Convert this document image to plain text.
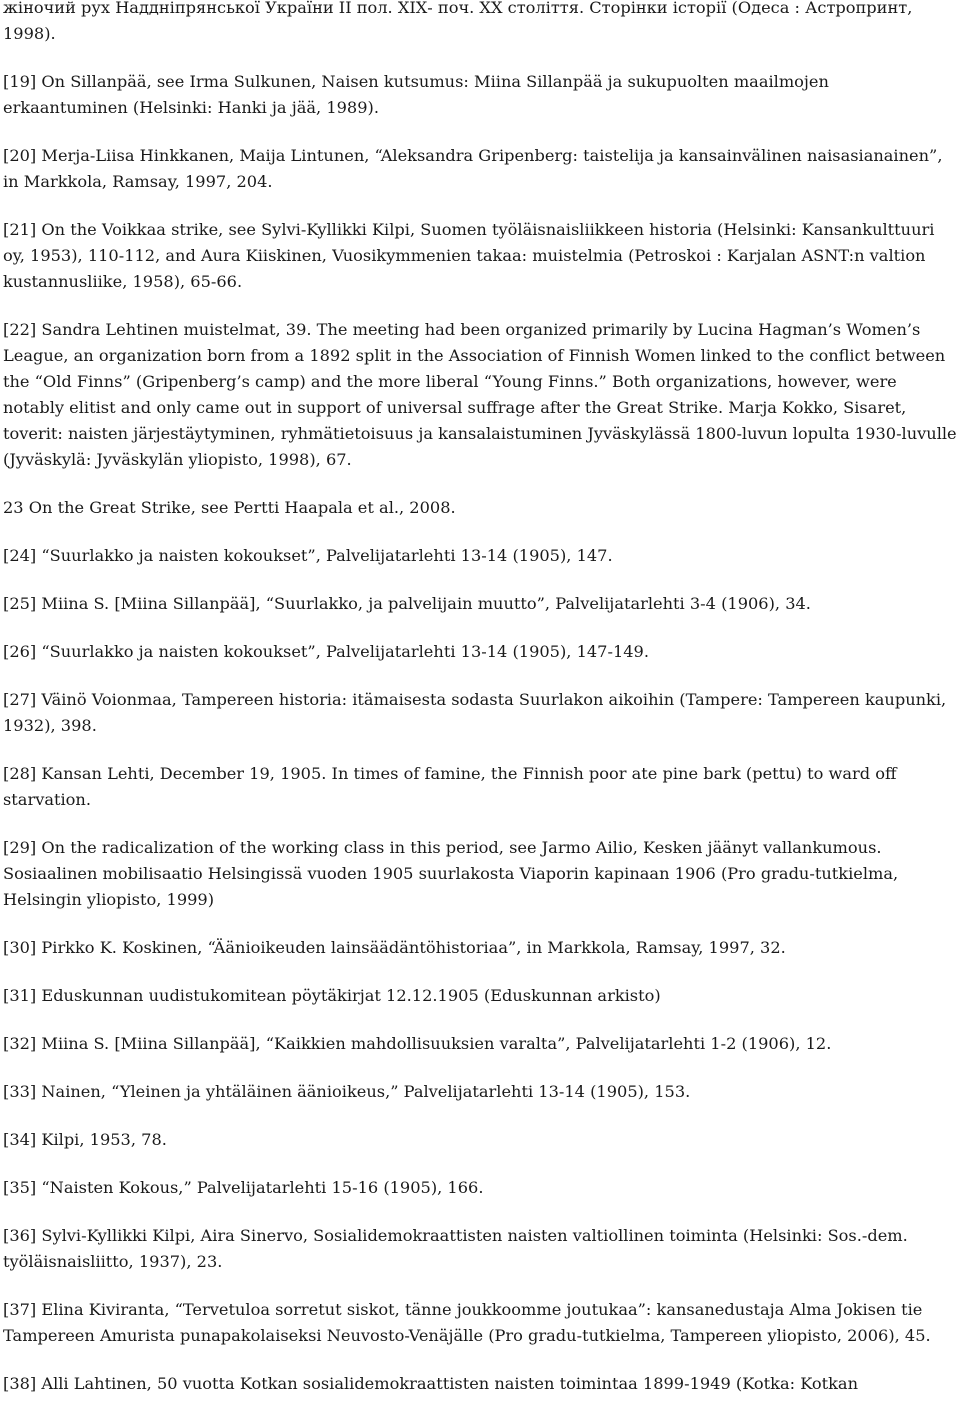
жіночий рух Наддніпрянської України ІІ пол. ХІХ- поч. ХХ століття. Сторінки історії (Одеса : Астропринт, 1998).

[19] On Sillanpää, see Irma Sulkunen, Naisen kutsumus: Miina Sillanpää ja sukupuolten maailmojen erkaantuminen (Helsinki: Hanki ja jää, 1989).

[20] Merja-Liisa Hinkkanen, Maija Lintunen, “Aleksandra Gripenberg: taistelija ja kansainvälinen naisasianainen”, in Markkola, Ramsay, 1997, 204.

[21] On the Voikkaa strike, see Sylvi-Kyllikki Kilpi, Suomen työläisnaisliikkeen historia (Helsinki: Kansankulttuuri oy, 1953), 110-112, and Aura Kiiskinen, Vuosikymmenien takaa: muistelmia (Petroskoi : Karjalan ASNT:n valtion kustannusliike, 1958), 65-66.

[22] Sandra Lehtinen muistelmat, 39. The meeting had been organized primarily by Lucina Hagman’s Women’s League, an organization born from a 1892 split in the Association of Finnish Women linked to the conflict between the “Old Finns” (Gripenberg’s camp) and the more liberal “Young Finns.” Both organizations, however, were notably elitist and only came out in support of universal suffrage after the Great Strike. Marja Kokko, Sisaret, toverit: naisten järjestäytyminen, ryhmätietoisuus ja kansalaistuminen Jyväskylässä 1800-luvun lopulta 1930-luvulle (Jyväskylä: Jyväskylän yliopisto, 1998), 67.

23 On the Great Strike, see Pertti Haapala et al., 2008.

[24] “Suurlakko ja naisten kokoukset”, Palvelijatarlehti 13-14 (1905), 147.

[25] Miina S. [Miina Sillanpää], “Suurlakko, ja palvelijain muutto”, Palvelijatarlehti 3-4 (1906), 34.

[26] “Suurlakko ja naisten kokoukset”, Palvelijatarlehti 13-14 (1905), 147-149.

[27] Väinö Voionmaa, Tampereen historia: itämaisesta sodasta Suurlakon aikoihin (Tampere: Tampereen kaupunki, 1932), 398.

[28] Kansan Lehti, December 19, 1905. In times of famine, the Finnish poor ate pine bark (pettu) to ward off starvation.

[29] On the radicalization of the working class in this period, see Jarmo Ailio, Kesken jäänyt vallankumous. Sosiaalinen mobilisaatio Helsingissä vuoden 1905 suurlakosta Viaporin kapinaan 1906 (Pro gradu-tutkielma, Helsingin yliopisto, 1999)

[30] Pirkko K. Koskinen, “Äänioikeuden lainsäädäntöhistoriaa”, in Markkola, Ramsay, 1997, 32.

[31] Eduskunnan uudistukomitean pöytäkirjat 12.12.1905 (Eduskunnan arkisto)

[32] Miina S. [Miina Sillanpää], “Kaikkien mahdollisuuksien varalta”, Palvelijatarlehti 1-2 (1906), 12.

[33] Nainen, “Yleinen ja yhtäläinen äänioikeus,” Palvelijatarlehti 13-14 (1905), 153.

[34] Kilpi, 1953, 78.

[35] “Naisten Kokous,” Palvelijatarlehti 15-16 (1905), 166.

[36] Sylvi-Kyllikki Kilpi, Aira Sinervo, Sosialidemokraattisten naisten valtiollinen toiminta (Helsinki: Sos.-dem. työläisnaisliitto, 1937), 23.

[37] Elina Kiviranta, “Tervetuloa sorretut siskot, tänne joukkoomme joutukaa”: kansanedustaja Alma Jokisen tie Tampereen Amurista punapakolaiseksi Neuvosto-Venäjälle (Pro gradu-tutkielma, Tampereen yliopisto, 2006), 45.

[38] Alli Lahtinen, 50 vuotta Kotkan sosialidemokraattisten naisten toimintaa 1899-1949 (Kotka: Kotkan
